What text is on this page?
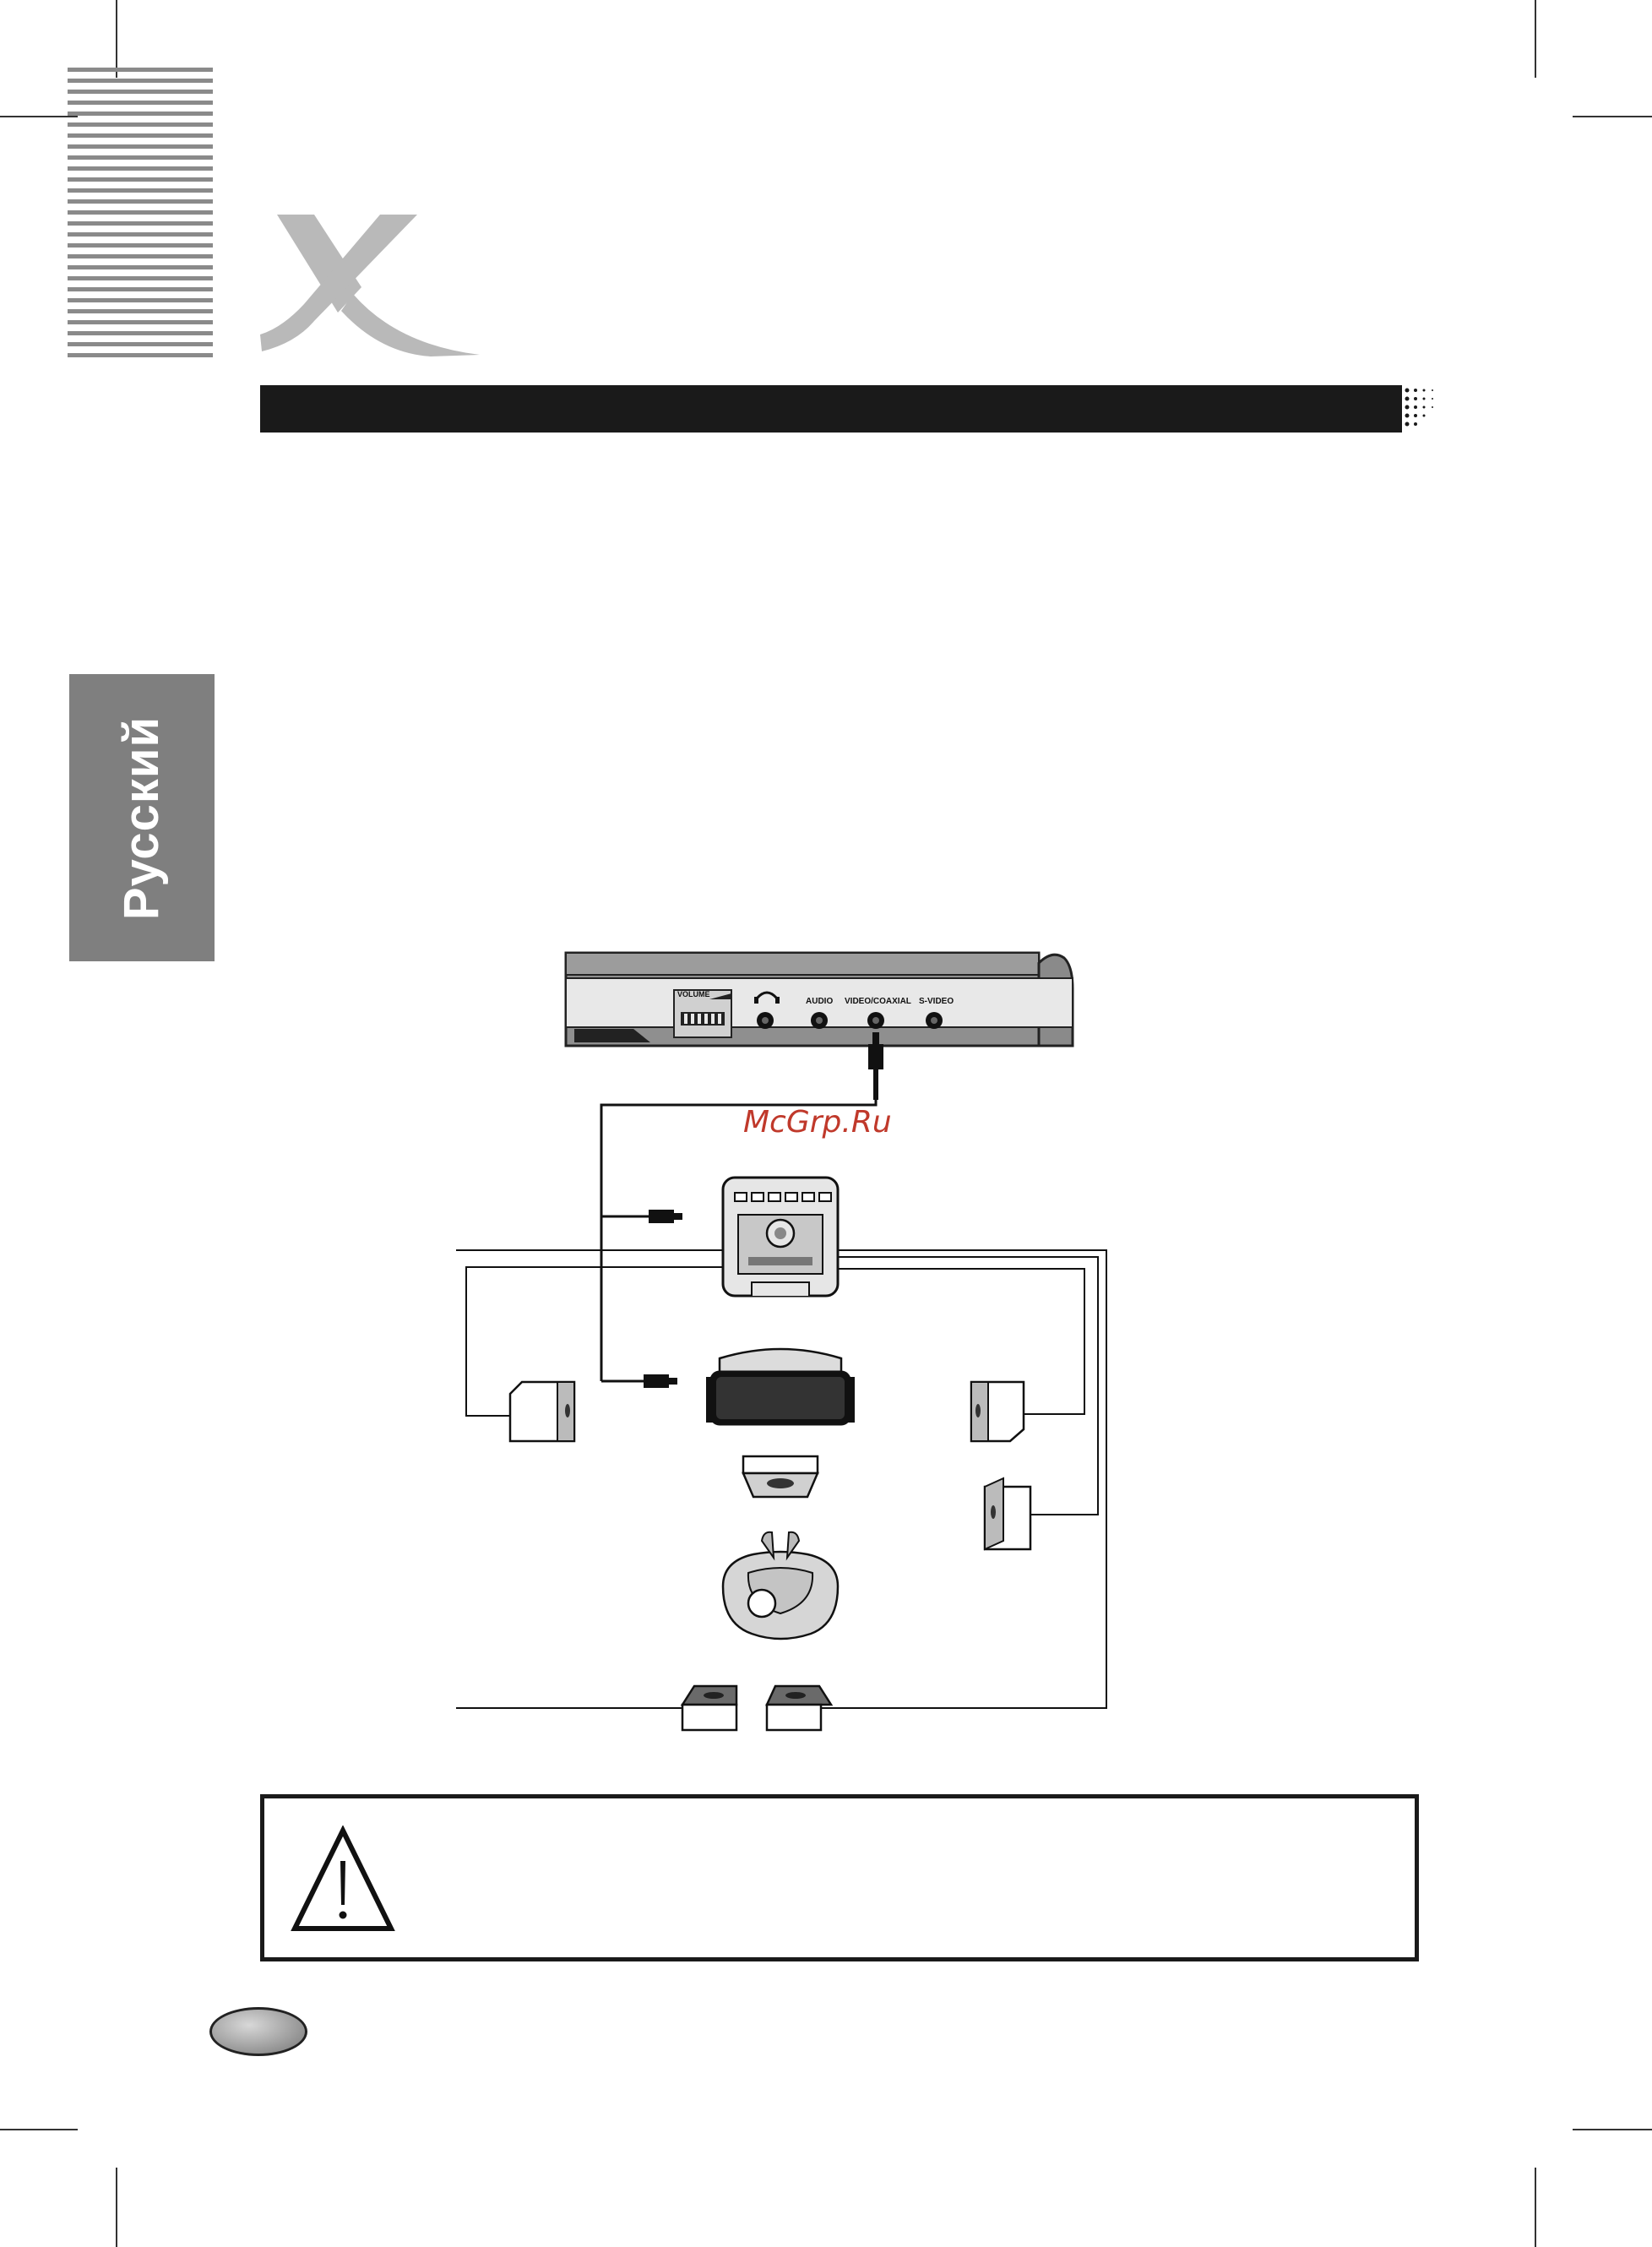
Русский
VOLUME
AUDIO VIDEO/COAXIAL S-VIDEO
McGrp.Ru
